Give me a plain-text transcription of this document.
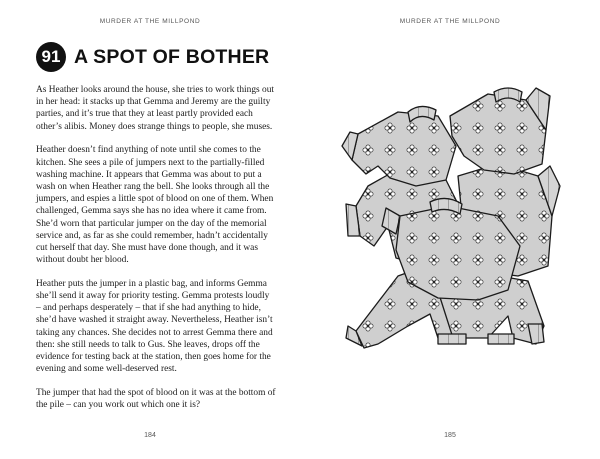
MURDER AT THE MILLPOND
91 A SPOT OF BOTHER

As Heather looks around the house, she tries to work things out in her head: it stacks up that Gemma and Jeremy are the guilty parties, and it’s true that they at least partly provided each other’s alibis. Money does strange things to people, she muses.

Heather doesn’t find anything of note until she comes to the kitchen. She sees a pile of jumpers next to the partially-filled washing machine. It appears that Gemma was about to put a wash on when Heather rang the bell. She looks through all the jumpers, and espies a little spot of blood on one of them. When challenged, Gemma says she has no idea where it came from. She’d worn that particular jumper on the day of the memorial service and, as far as she could remember, hadn’t accidentally cut herself that day. She must have done though, and it was without doubt her blood.

Heather puts the jumper in a plastic bag, and informs Gemma she’ll send it away for priority testing. Gemma protests loudly – and perhaps desperately – that if she had anything to hide, she’d have washed it straight away. Nevertheless, Heather isn’t taking any chances. She decides not to arrest Gemma there and then: she still needs to talk to Gus. She leaves, drops off the evidence for testing back at the station, then goes home for the evening and some well-deserved rest.

The jumper that had the spot of blood on it was at the bottom of the pile – can you work out which one it is?

184
MURDER AT THE MILLPOND
185
